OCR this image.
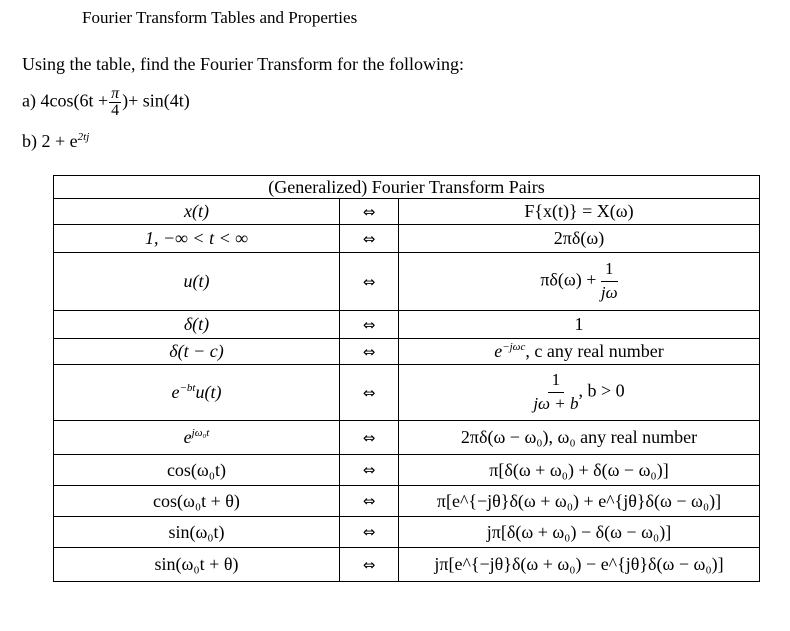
Fourier Transform Tables and Properties
Using the table, find the Fourier Transform for the following:
a) $4\cos(6t + \frac{\pi}{4}$ )+ sin(4t)
b) $2 + e^{2tj}$
(Generalized) Fourier Transform Pairs		
x(t)	⇔	F{x(t)} = X(ω)
1, −∞ < t < ∞	⇔	2πδ(ω)
u(t)	⇔	$\pi\delta(\omega) + \frac{1}{j\omega}$

δ(t)	⇔	1
δ(t − c)	⇔	$e^{-j\omega c}$, c any real number
$e^{-bt}u(t)$	⇔	$\frac{1}{j\omega + b}$ , b > 0
$e^{j\omega_0t}$	⇔	2πδ(ω − ω₀), ω₀ any real number
cos(ω₀t)	⇔	π[δ(ω + ω₀) + δ(ω − ω₀)]
cos(ω₀t + θ)	⇔	π[e^{−jθ}δ(ω + ω₀) + e^{jθ}δ(ω − ω₀)]
sin(ω₀t)	⇔	jπ[δ(ω + ω₀) − δ(ω − ω₀)]
sin(ω₀t + θ)	⇔	jπ[e^{−jθ}δ(ω + ω₀) − e^{jθ}δ(ω − ω₀)]
